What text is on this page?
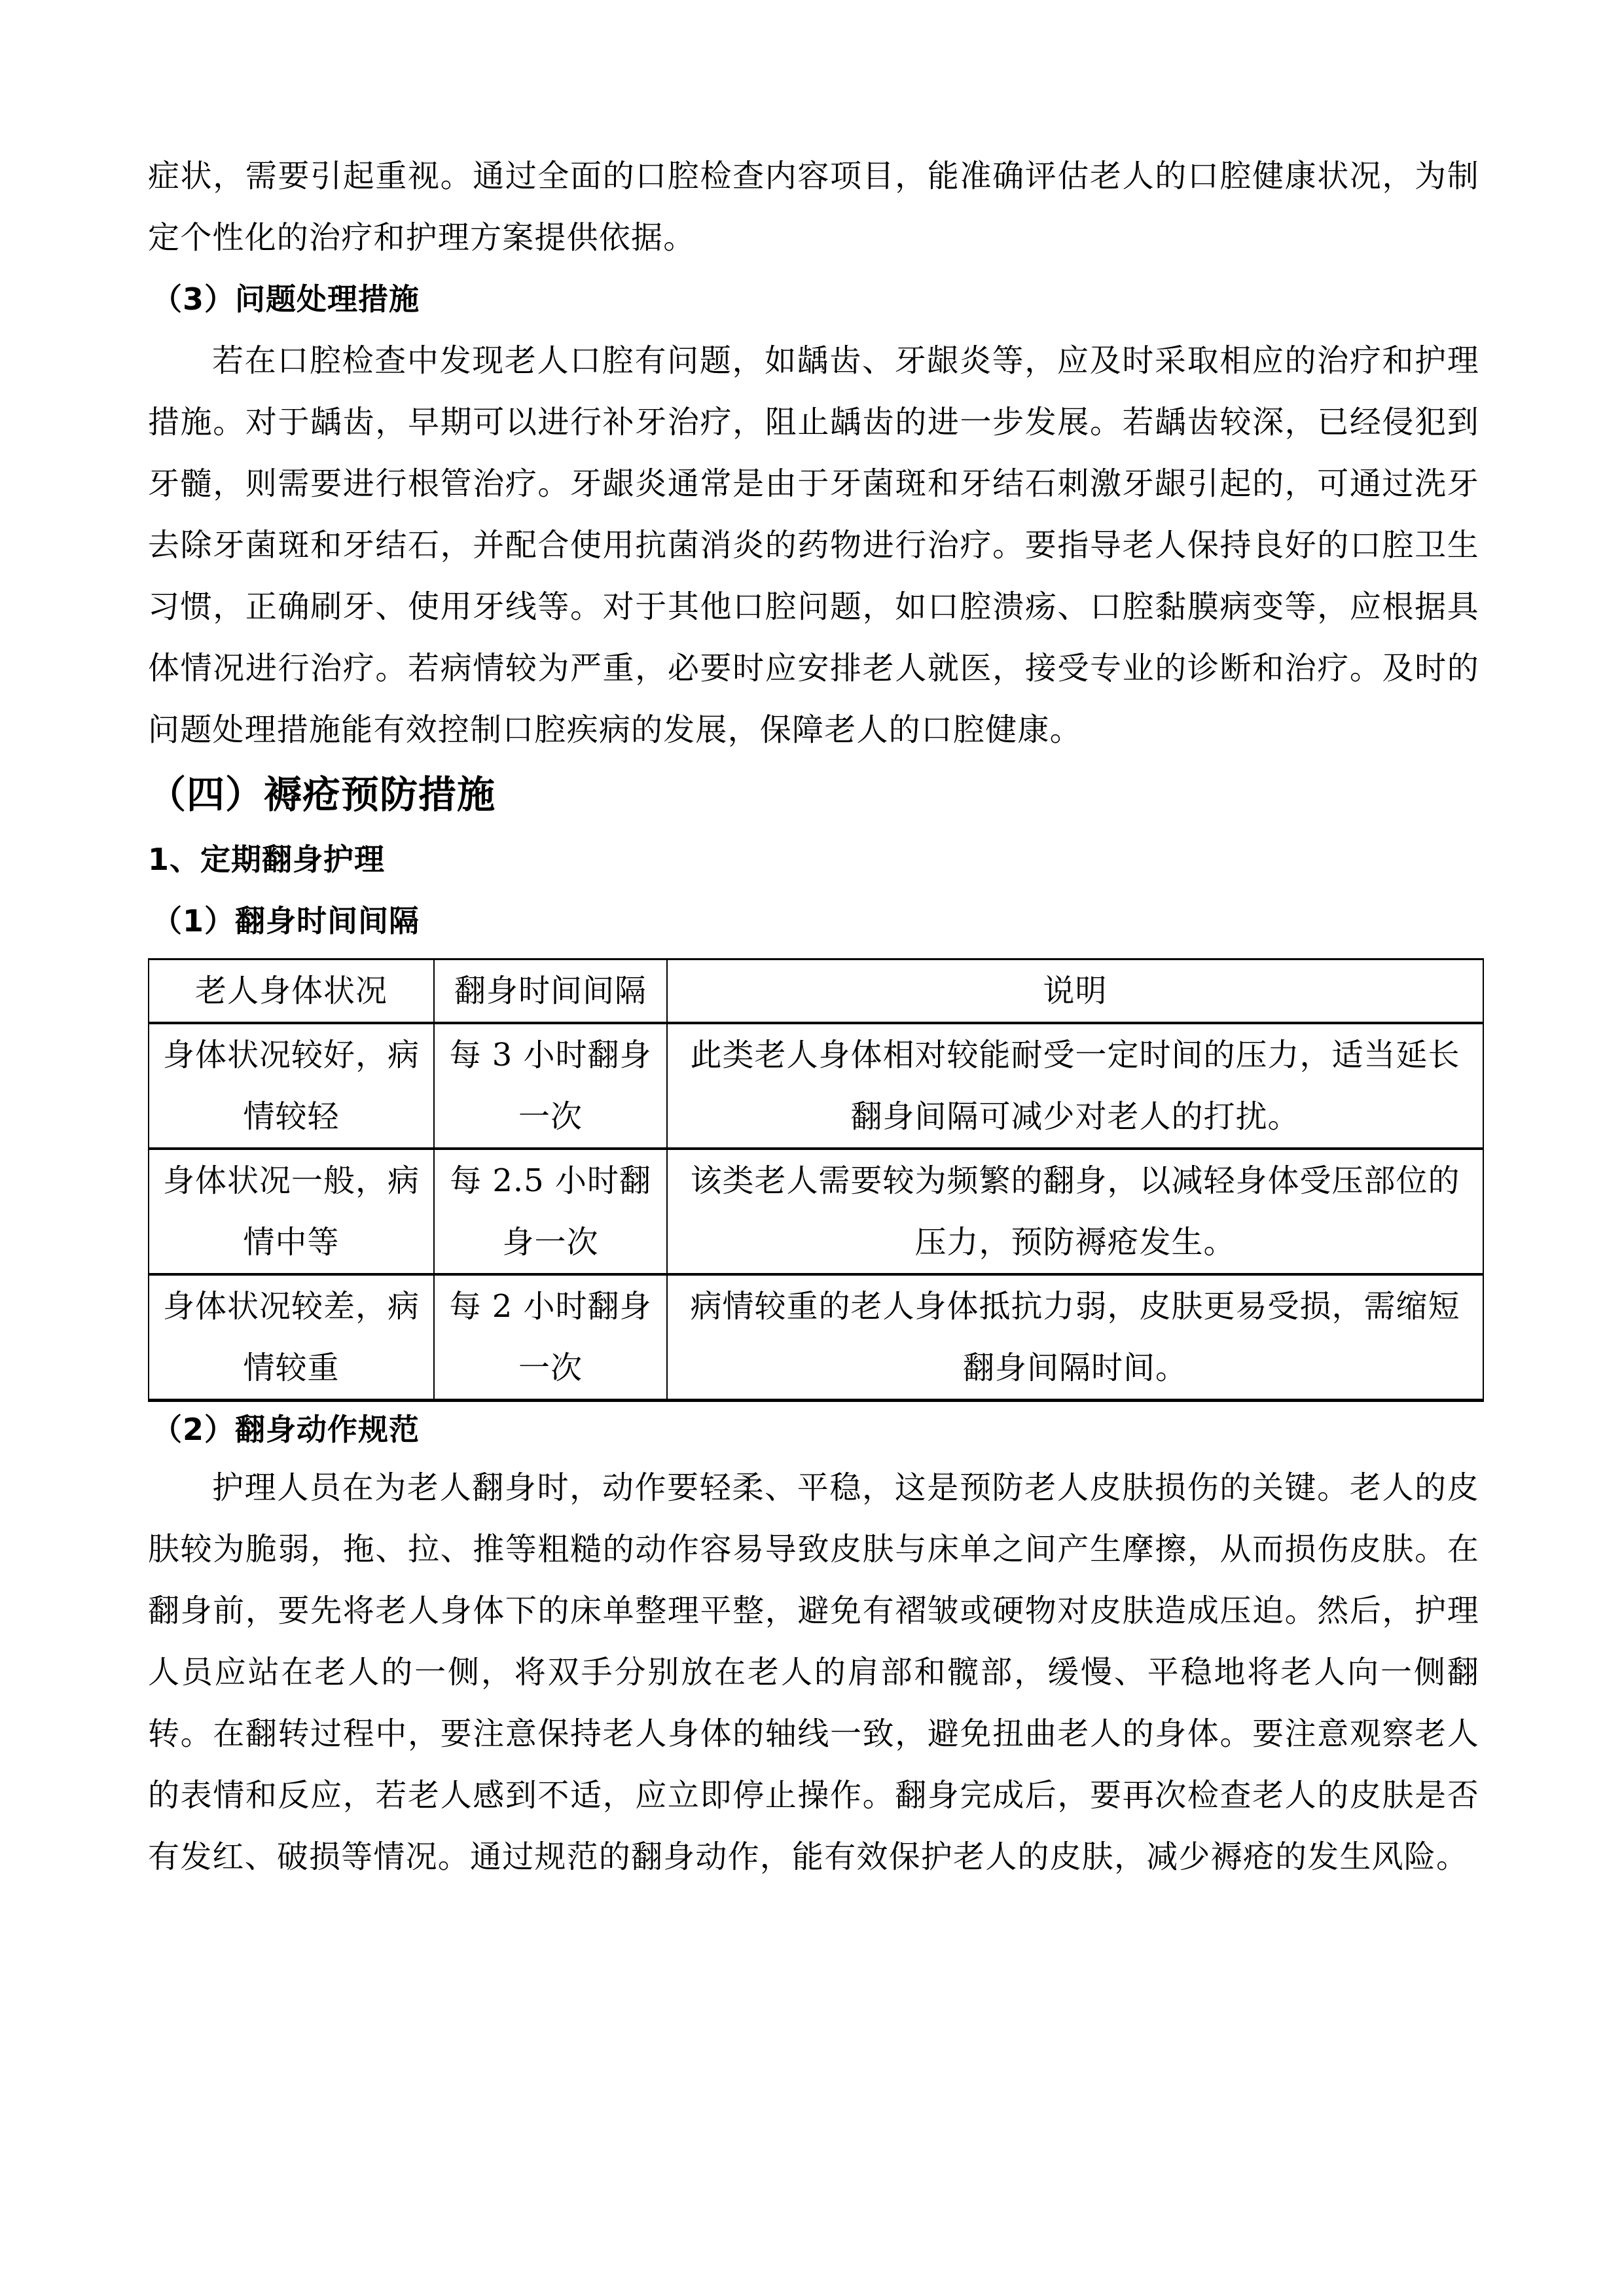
症状，需要引起重视。通过全面的口腔检查内容项目，能准确评估老人的口腔健康状况，为制定个性化的治疗和护理方案提供依据。

（3）问题处理措施

若在口腔检查中发现老人口腔有问题，如龋齿、牙龈炎等，应及时采取相应的治疗和护理措施。对于龋齿，早期可以进行补牙治疗，阻止龋齿的进一步发展。若龋齿较深，已经侵犯到牙髓，则需要进行根管治疗。牙龈炎通常是由于牙菌斑和牙结石刺激牙龈引起的，可通过洗牙去除牙菌斑和牙结石，并配合使用抗菌消炎的药物进行治疗。要指导老人保持良好的口腔卫生习惯，正确刷牙、使用牙线等。对于其他口腔问题，如口腔溃疡、口腔黏膜病变等，应根据具体情况进行治疗。若病情较为严重，必要时应安排老人就医，接受专业的诊断和治疗。及时的问题处理措施能有效控制口腔疾病的发展，保障老人的口腔健康。

（四）褥疮预防措施
1、定期翻身护理
（1）翻身时间间隔
老人身体状况	翻身时间间隔	说明
身体状况较好，病情较轻	每 3 小时翻身一次	此类老人身体相对较能耐受一定时间的压力，适当延长翻身间隔可减少对老人的打扰。
身体状况一般，病情中等	每 2.5 小时翻身一次	该类老人需要较为频繁的翻身，以减轻身体受压部位的压力，预防褥疮发生。
身体状况较差，病情较重	每 2 小时翻身一次	病情较重的老人身体抵抗力弱，皮肤更易受损，需缩短翻身间隔时间。
（2）翻身动作规范

护理人员在为老人翻身时，动作要轻柔、平稳，这是预防老人皮肤损伤的关键。老人的皮肤较为脆弱，拖、拉、推等粗糙的动作容易导致皮肤与床单之间产生摩擦，从而损伤皮肤。在翻身前，要先将老人身体下的床单整理平整，避免有褶皱或硬物对皮肤造成压迫。然后，护理人员应站在老人的一侧，将双手分别放在老人的肩部和髋部，缓慢、平稳地将老人向一侧翻转。在翻转过程中，要注意保持老人身体的轴线一致，避免扭曲老人的身体。要注意观察老人的表情和反应，若老人感到不适，应立即停止操作。翻身完成后，要再次检查老人的皮肤是否有发红、破损等情况。通过规范的翻身动作，能有效保护老人的皮肤，减少褥疮的发生风险。
